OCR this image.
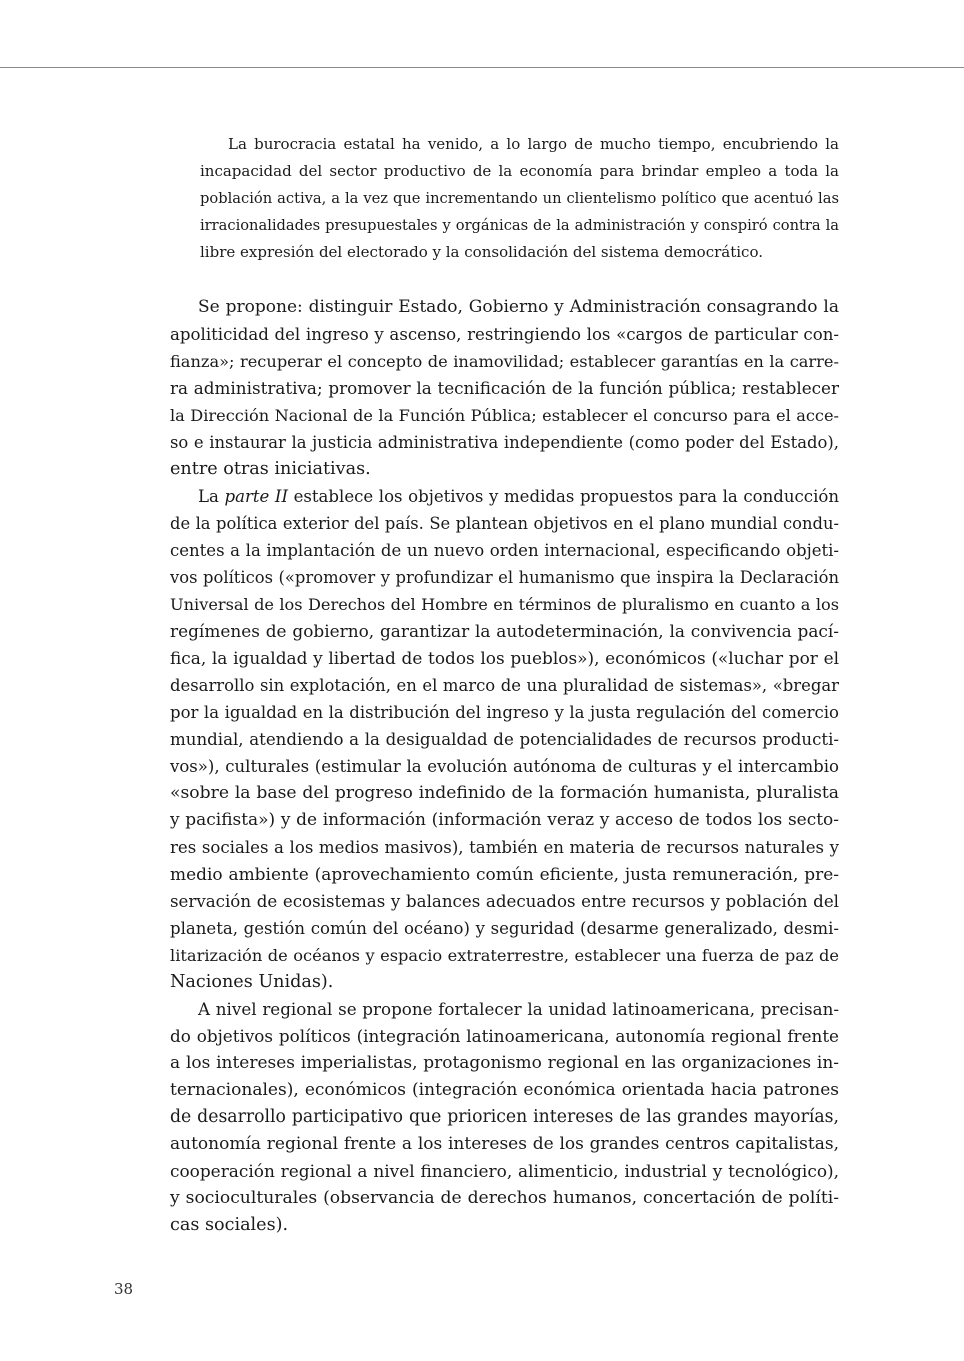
La burocracia estatal ha venido, a lo largo de mucho tiempo, encubriendo la
incapacidad del sector productivo de la economía para brindar empleo a toda la
población activa, a la vez que incrementando un clientelismo político que acentuó las
irracionalidades presupuestales y orgánicas de la administración y conspiró contra la
libre expresión del electorado y la consolidación del sistema democrático.
Se propone: distinguir Estado, Gobierno y Administración consagrando la
apoliticidad del ingreso y ascenso, restringiendo los «cargos de particular con-
fianza»; recuperar el concepto de inamovilidad; establecer garantías en la carre-
ra administrativa; promover la tecnificación de la función pública; restablecer
la Dirección Nacional de la Función Pública; establecer el concurso para el acce-
so e instaurar la justicia administrativa independiente (como poder del Estado),
entre otras iniciativas.
La parte II establece los objetivos y medidas propuestos para la conducción
de la política exterior del país. Se plantean objetivos en el plano mundial condu-
centes a la implantación de un nuevo orden internacional, especificando objeti-
vos políticos («promover y profundizar el humanismo que inspira la Declaración
Universal de los Derechos del Hombre en términos de pluralismo en cuanto a los
regímenes de gobierno, garantizar la autodeterminación, la convivencia pací-
fica, la igualdad y libertad de todos los pueblos»), económicos («luchar por el
desarrollo sin explotación, en el marco de una pluralidad de sistemas», «bregar
por la igualdad en la distribución del ingreso y la justa regulación del comercio
mundial, atendiendo a la desigualdad de potencialidades de recursos producti-
vos»), culturales (estimular la evolución autónoma de culturas y el intercambio
«sobre la base del progreso indefinido de la formación humanista, pluralista
y pacifista») y de información (información veraz y acceso de todos los secto-
res sociales a los medios masivos), también en materia de recursos naturales y
medio ambiente (aprovechamiento común eficiente, justa remuneración, pre-
servación de ecosistemas y balances adecuados entre recursos y población del
planeta, gestión común del océano) y seguridad (desarme generalizado, desmi-
litarización de océanos y espacio extraterrestre, establecer una fuerza de paz de
Naciones Unidas).
A nivel regional se propone fortalecer la unidad latinoamericana, precisan-
do objetivos políticos (integración latinoamericana, autonomía regional frente
a los intereses imperialistas, protagonismo regional en las organizaciones in-
ternacionales), económicos (integración económica orientada hacia patrones
de desarrollo participativo que prioricen intereses de las grandes mayorías,
autonomía regional frente a los intereses de los grandes centros capitalistas,
cooperación regional a nivel financiero, alimenticio, industrial y tecnológico),
y socioculturales (observancia de derechos humanos, concertación de políti-
cas sociales).
38
